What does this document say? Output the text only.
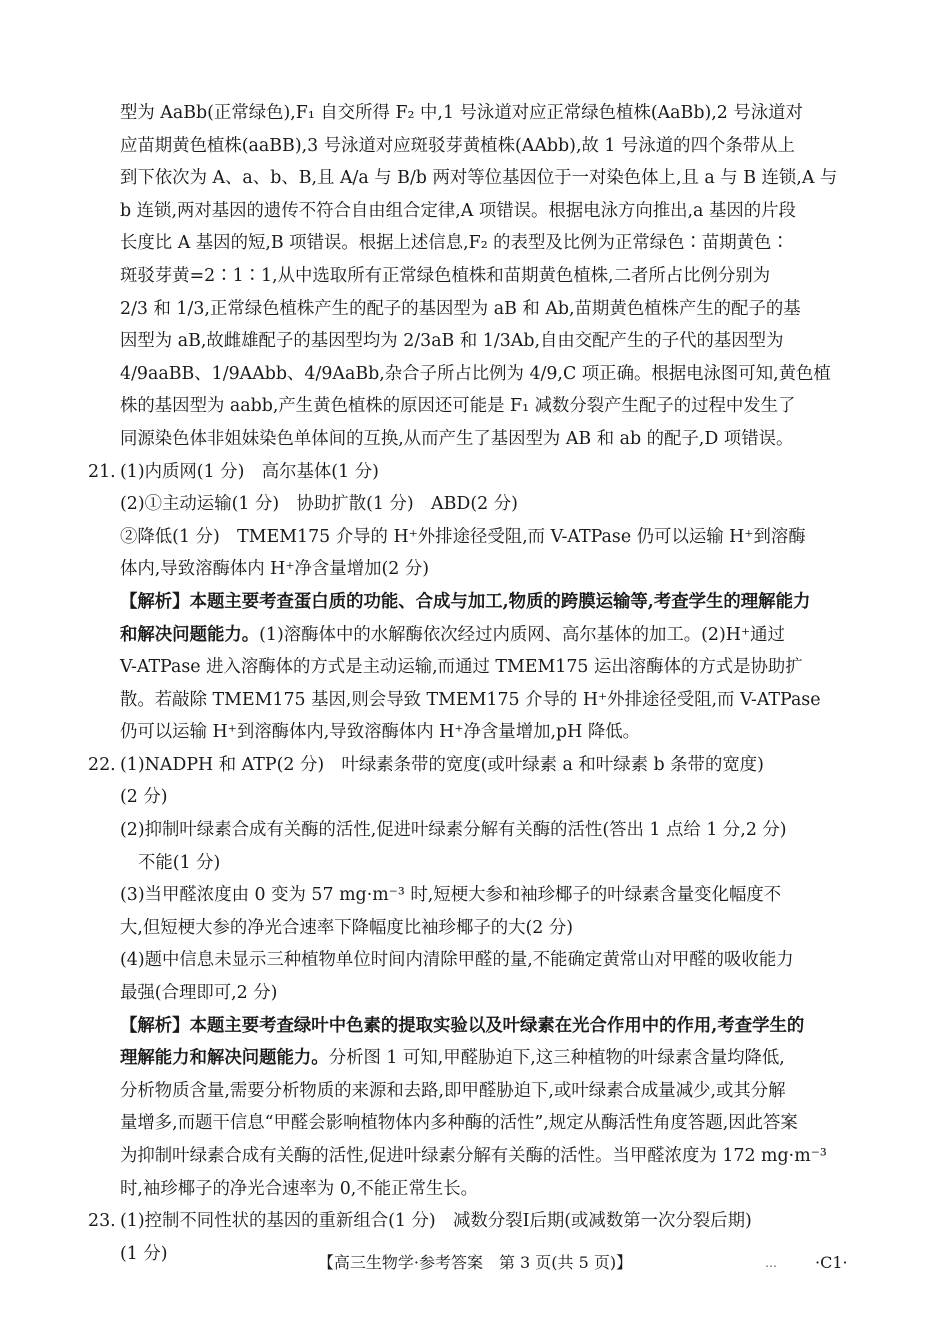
型为 AaBb(正常绿色),F₁ 自交所得 F₂ 中,1 号泳道对应正常绿色植株(AaBb),2 号泳道对
应苗期黄色植株(aaBB),3 号泳道对应斑驳芽黄植株(AAbb),故 1 号泳道的四个条带从上
到下依次为 A、a、b、B,且 A/a 与 B/b 两对等位基因位于一对染色体上,且 a 与 B 连锁,A 与
b 连锁,两对基因的遗传不符合自由组合定律,A 项错误。根据电泳方向推出,a 基因的片段
长度比 A 基因的短,B 项错误。根据上述信息,F₂ 的表型及比例为正常绿色∶苗期黄色∶
斑驳芽黄=2∶1∶1,从中选取所有正常绿色植株和苗期黄色植株,二者所占比例分别为
2/3 和 1/3,正常绿色植株产生的配子的基因型为 aB 和 Ab,苗期黄色植株产生的配子的基
因型为 aB,故雌雄配子的基因型均为 2/3aB 和 1/3Ab,自由交配产生的子代的基因型为
4/9aaBB、1/9AAbb、4/9AaBb,杂合子所占比例为 4/9,C 项正确。根据电泳图可知,黄色植
株的基因型为 aabb,产生黄色植株的原因还可能是 F₁ 减数分裂产生配子的过程中发生了
同源染色体非姐妹染色单体间的互换,从而产生了基因型为 AB 和 ab 的配子,D 项错误。
21. (1)内质网(1 分)　高尔基体(1 分)
(2)①主动运输(1 分)　协助扩散(1 分)　ABD(2 分)
②降低(1 分)　TMEM175 介导的 H⁺外排途径受阻,而 V-ATPase 仍可以运输 H⁺到溶酶
体内,导致溶酶体内 H⁺净含量增加(2 分)
【解析】本题主要考查蛋白质的功能、合成与加工,物质的跨膜运输等,考查学生的理解能力
和解决问题能力。(1)溶酶体中的水解酶依次经过内质网、高尔基体的加工。(2)H⁺通过
V-ATPase 进入溶酶体的方式是主动运输,而通过 TMEM175 运出溶酶体的方式是协助扩
散。若敲除 TMEM175 基因,则会导致 TMEM175 介导的 H⁺外排途径受阻,而 V-ATPase
仍可以运输 H⁺到溶酶体内,导致溶酶体内 H⁺净含量增加,pH 降低。
22. (1)NADPH 和 ATP(2 分)　叶绿素条带的宽度(或叶绿素 a 和叶绿素 b 条带的宽度)
(2 分)
(2)抑制叶绿素合成有关酶的活性,促进叶绿素分解有关酶的活性(答出 1 点给 1 分,2 分)
不能(1 分)
(3)当甲醛浓度由 0 变为 57 mg·m⁻³ 时,短梗大参和袖珍椰子的叶绿素含量变化幅度不
大,但短梗大参的净光合速率下降幅度比袖珍椰子的大(2 分)
(4)题中信息未显示三种植物单位时间内清除甲醛的量,不能确定黄常山对甲醛的吸收能力
最强(合理即可,2 分)
【解析】本题主要考查绿叶中色素的提取实验以及叶绿素在光合作用中的作用,考查学生的
理解能力和解决问题能力。分析图 1 可知,甲醛胁迫下,这三种植物的叶绿素含量均降低,
分析物质含量,需要分析物质的来源和去路,即甲醛胁迫下,或叶绿素合成量减少,或其分解
量增多,而题干信息“甲醛会影响植物体内多种酶的活性”,规定从酶活性角度答题,因此答案
为抑制叶绿素合成有关酶的活性,促进叶绿素分解有关酶的活性。当甲醛浓度为 172 mg·m⁻³
时,袖珍椰子的净光合速率为 0,不能正常生长。
23. (1)控制不同性状的基因的重新组合(1 分)　减数分裂Ⅰ后期(或减数第一次分裂后期)
(1 分)	【高三生物学·参考答案　第 3 页(共 5 页)】	… ·C1·
